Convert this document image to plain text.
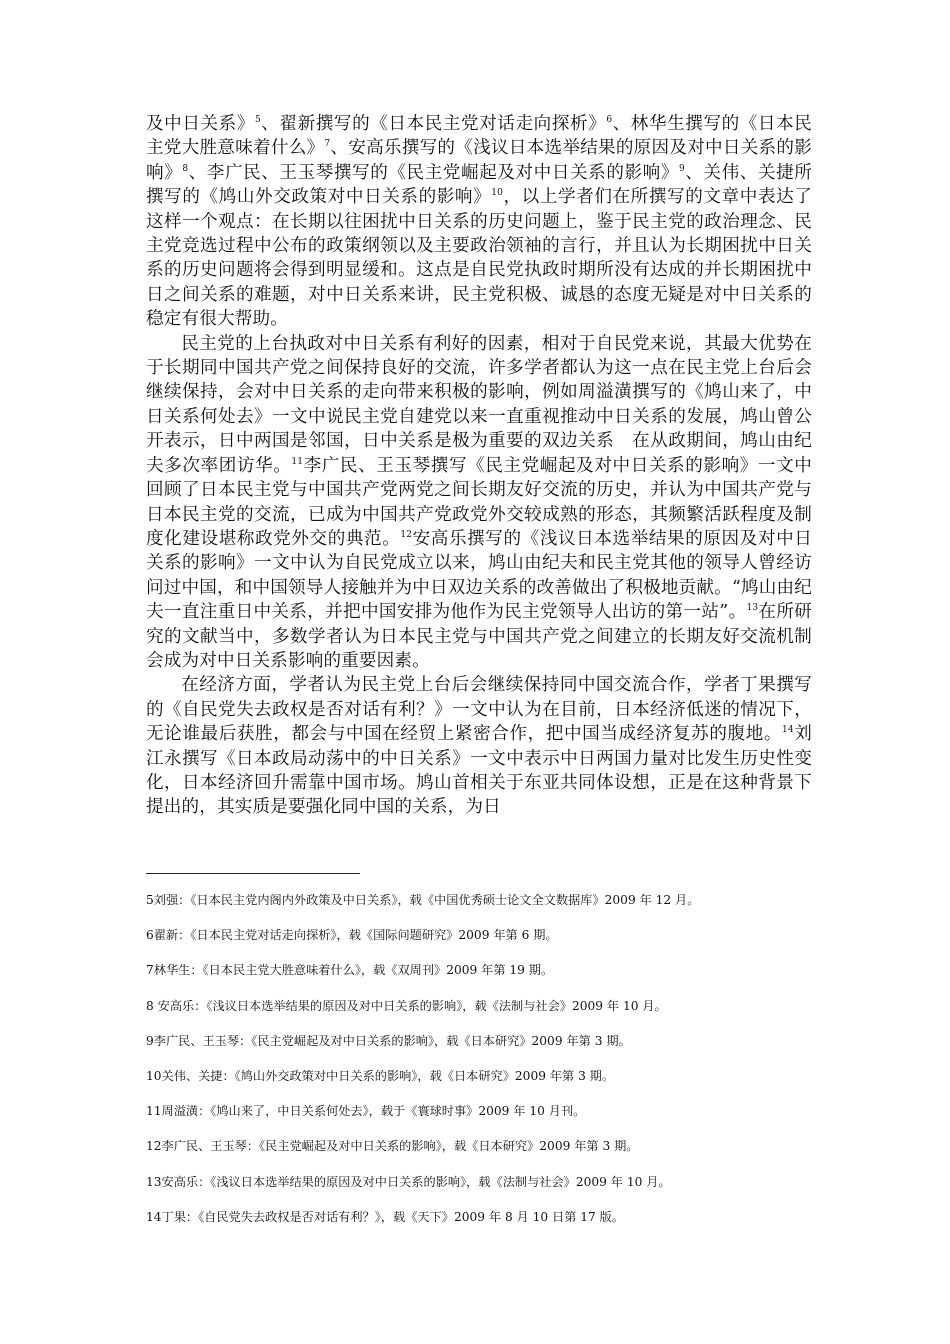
及中日关系》$^5$、翟新撰写的《日本民主党对话走向探析》$^6$、林华生撰写的《日本民主党大胜意味着什么》$^7$、安高乐撰写的《浅议日本选举结果的原因及对中日关系的影响》$^8$、李广民、王玉琴撰写的《民主党崛起及对中日关系的影响》$^9$、关伟、关捷所撰写的《鸠山外交政策对中日关系的影响》$^{10}$，以上学者们在所撰写的文章中表达了这样一个观点：在长期以往困扰中日关系的历史问题上，鉴于民主党的政治理念、民主党竞选过程中公布的政策纲领以及主要政治领袖的言行，并且认为长期困扰中日关系的历史问题将会得到明显缓和。这点是自民党执政时期所没有达成的并长期困扰中日之间关系的难题，对中日关系来讲，民主党积极、诚恳的态度无疑是对中日关系的稳定有很大帮助。

民主党的上台执政对中日关系有利好的因素，相对于自民党来说，其最大优势在于长期同中国共产党之间保持良好的交流，许多学者都认为这一点在民主党上台后会继续保持，会对中日关系的走向带来积极的影响，例如周溢潢撰写的《鸠山来了，中日关系何处去》一文中说民主党自建党以来一直重视推动中日关系的发展，鸠山曾公开表示，日中两国是邻国，日中关系是极为重要的双边关系　在从政期间，鸠山由纪夫多次率团访华。$^{11}$李广民、王玉琴撰写《民主党崛起及对中日关系的影响》一文中回顾了日本民主党与中国共产党两党之间长期友好交流的历史，并认为中国共产党与日本民主党的交流，已成为中国共产党政党外交较成熟的形态，其频繁活跃程度及制度化建设堪称政党外交的典范。$^{12}$安高乐撰写的《浅议日本选举结果的原因及对中日关系的影响》一文中认为自民党成立以来，鸠山由纪夫和民主党其他的领导人曾经访问过中国，和中国领导人接触并为中日双边关系的改善做出了积极地贡献。“鸠山由纪夫一直注重日中关系，并把中国安排为他作为民主党领导人出访的第一站”。$^{13}$在所研究的文献当中，多数学者认为日本民主党与中国共产党之间建立的长期友好交流机制会成为对中日关系影响的重要因素。

在经济方面，学者认为民主党上台后会继续保持同中国交流合作，学者丁果撰写的《自民党失去政权是否对话有利？》一文中认为在目前，日本经济低迷的情况下，无论谁最后获胜，都会与中国在经贸上紧密合作，把中国当成经济复苏的腹地。$^{14}$刘江永撰写《日本政局动荡中的中日关系》一文中表示中日两国力量对比发生历史性变化，日本经济回升需靠中国市场。鸠山首相关于东亚共同体设想，正是在这种背景下提出的，其实质是要强化同中国的关系，为日

5刘强：《日本民主党内阁内外政策及中日关系》，载《中国优秀硕士论文全文数据库》2009 年 12 月。

6翟新：《日本民主党对话走向探析》，载《国际问题研究》2009 年第 6 期。

7林华生：《日本民主党大胜意味着什么》，载《双周刊》2009 年第 19 期。

8 安高乐：《浅议日本选举结果的原因及对中日关系的影响》，载《法制与社会》2009 年 10 月。

9李广民、王玉琴：《民主党崛起及对中日关系的影响》，载《日本研究》2009 年第 3 期。

10关伟、关捷：《鸠山外交政策对中日关系的影响》，载《日本研究》2009 年第 3 期。

11周溢潢：《鸠山来了，中日关系何处去》，载于《寰球时事》2009 年 10 月刊。

12李广民、王玉琴：《民主党崛起及对中日关系的影响》，载《日本研究》2009 年第 3 期。

13安高乐：《浅议日本选举结果的原因及对中日关系的影响》，载《法制与社会》2009 年 10 月。

14丁果：《自民党失去政权是否对话有利？》，载《天下》2009 年 8 月 10 日第 17 版。
